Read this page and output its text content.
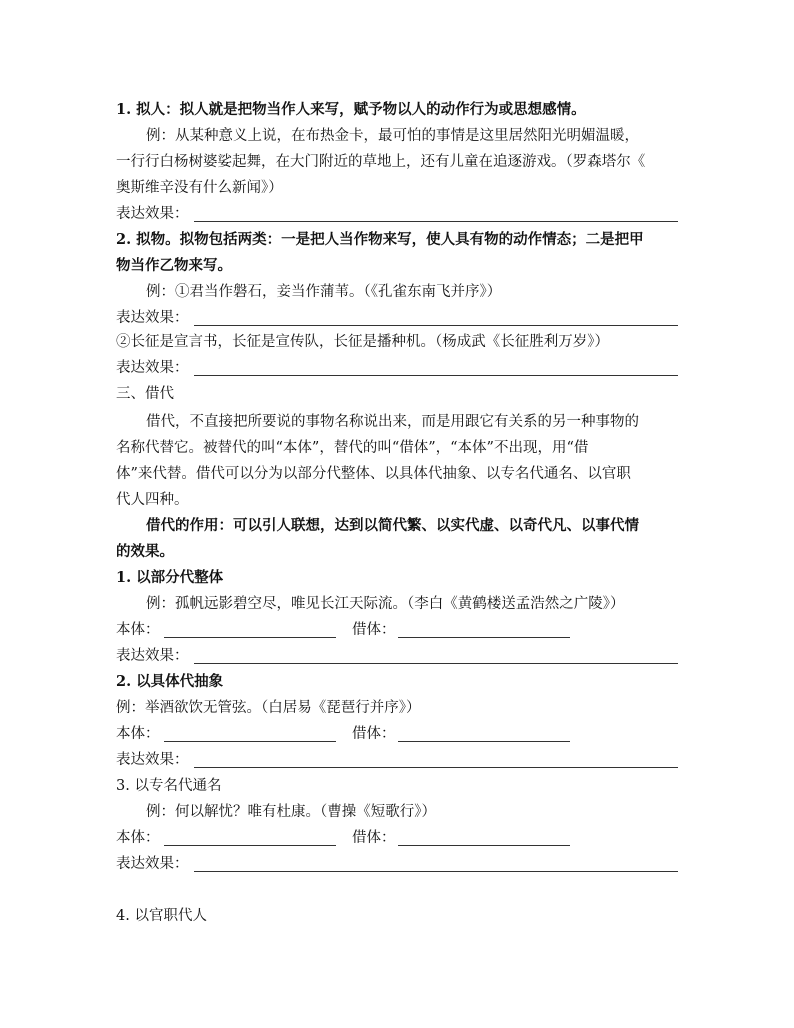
1. 拟人：拟人就是把物当作人来写，赋予物以人的动作行为或思想感情。
例：从某种意义上说，在布热金卡，最可怕的事情是这里居然阳光明媚温暖，
一行行白杨树婆娑起舞，在大门附近的草地上，还有儿童在追逐游戏。（罗森塔尔《
奥斯维辛没有什么新闻》）
表达效果：
2. 拟物。拟物包括两类：一是把人当作物来写，使人具有物的动作情态；二是把甲
物当作乙物来写。
例：①君当作磐石，妾当作蒲苇。（《孔雀东南飞并序》）
表达效果：
②长征是宣言书，长征是宣传队，长征是播种机。（杨成武《长征胜利万岁》）
表达效果：
三、借代
借代，不直接把所要说的事物名称说出来，而是用跟它有关系的另一种事物的
名称代替它。被替代的叫“本体”，替代的叫“借体”，“本体”不出现，用“借
体”来代替。借代可以分为以部分代整体、以具体代抽象、以专名代通名、以官职
代人四种。
借代的作用：可以引人联想，达到以简代繁、以实代虚、以奇代凡、以事代情
的效果。
1. 以部分代整体
例：孤帆远影碧空尽，唯见长江天际流。（李白《黄鹤楼送孟浩然之广陵》）
本体：	借体：
表达效果：
2. 以具体代抽象
例：举酒欲饮无管弦。（白居易《琵琶行并序》）
本体：	借体：
表达效果：
3. 以专名代通名
例：何以解忧？唯有杜康。（曹操《短歌行》）
本体：	借体：
表达效果：
4. 以官职代人
